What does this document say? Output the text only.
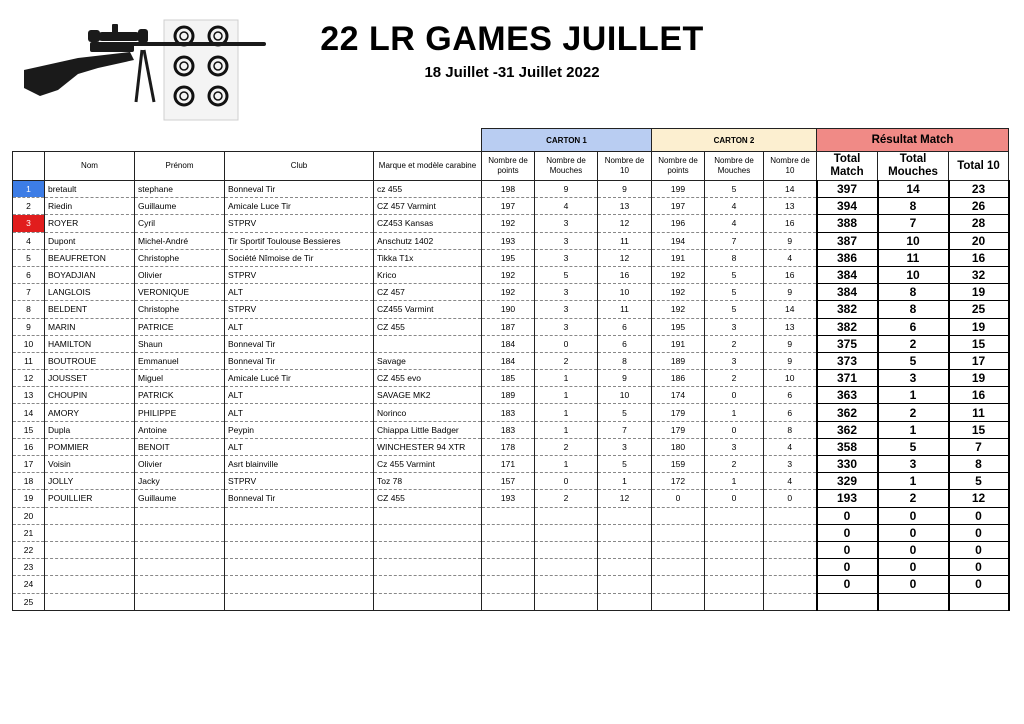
22 LR GAMES JUILLET
18 Juillet -31 Juillet 2022
					CARTON 1			CARTON 2			Résultat Match		
	Nom	Prénom	Club	Marque et modèle carabine	Nombre de points	Nombre de Mouches	Nombre de 10	Nombre de points	Nombre de Mouches	Nombre de 10	Total Match	Total Mouches	Total 10
1	bretault	stephane	Bonneval Tir	cz 455	198	9	9	199	5	14	397	14	23
2	Riedin	Guillaume	Amicale Luce Tir	CZ 457 Varmint	197	4	13	197	4	13	394	8	26
3	ROYER	Cyril	STPRV	CZ453 Kansas	192	3	12	196	4	16	388	7	28
4	Dupont	Michel-André	Tir Sportif Toulouse Bessieres	Anschutz 1402	193	3	11	194	7	9	387	10	20
5	BEAUFRETON	Christophe	Société Nîmoise de Tir	Tikka T1x	195	3	12	191	8	4	386	11	16
6	BOYADJIAN	Olivier	STPRV	Krico	192	5	16	192	5	16	384	10	32
7	LANGLOIS	VERONIQUE	ALT	CZ 457	192	3	10	192	5	9	384	8	19
8	BELDENT	Christophe	STPRV	CZ455 Varmint	190	3	11	192	5	14	382	8	25
9	MARIN	PATRICE	ALT	CZ 455	187	3	6	195	3	13	382	6	19
10	HAMILTON	Shaun	Bonneval Tir		184	0	6	191	2	9	375	2	15
11	BOUTROUE	Emmanuel	Bonneval Tir	Savage	184	2	8	189	3	9	373	5	17
12	JOUSSET	Miguel	Amicale Lucé Tir	CZ 455 evo	185	1	9	186	2	10	371	3	19
13	CHOUPIN	PATRICK	ALT	SAVAGE MK2	189	1	10	174	0	6	363	1	16
14	AMORY	PHILIPPE	ALT	Norinco	183	1	5	179	1	6	362	2	11
15	Dupla	Antoine	Peypin	Chiappa Little Badger	183	1	7	179	0	8	362	1	15
16	POMMIER	BENOIT	ALT	WINCHESTER 94 XTR	178	2	3	180	3	4	358	5	7
17	Voisin	Olivier	Asrt blainville	Cz 455 Varmint	171	1	5	159	2	3	330	3	8
18	JOLLY	Jacky	STPRV	Toz 78	157	0	1	172	1	4	329	1	5
19	POUILLIER	Guillaume	Bonneval Tir	CZ 455	193	2	12	0	0	0	193	2	12
20											0	0	0
21											0	0	0
22											0	0	0
23											0	0	0
24											0	0	0
25													
